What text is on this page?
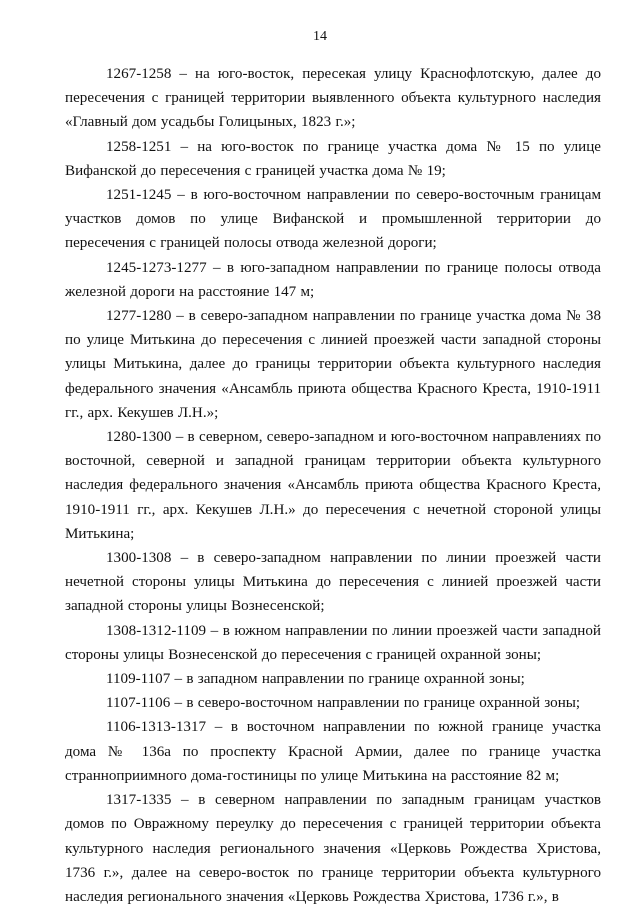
14

1267-1258 – на юго-восток, пересекая улицу Краснофлотскую, далее до пересечения с границей территории выявленного объекта культурного наследия «Главный дом усадьбы Голицыных, 1823 г.»;

1258-1251 – на юго-восток по границе участка дома № 15 по улице Вифанской до пересечения с границей участка дома № 19;

1251-1245 – в юго-восточном направлении по северо-восточным границам участков домов по улице Вифанской и промышленной территории до пересечения с границей полосы отвода железной дороги;

1245-1273-1277 – в юго-западном направлении по границе полосы отвода железной дороги на расстояние 147 м;

1277-1280 – в северо-западном направлении по границе участка дома № 38 по улице Митькина до пересечения с линией проезжей части западной стороны улицы Митькина, далее до границы территории объекта культурного наследия федерального значения «Ансамбль приюта общества Красного Креста, 1910-1911 гг., арх. Кекушев Л.Н.»;

1280-1300 – в северном, северо-западном и юго-восточном направлениях по восточной, северной и западной границам территории объекта культурного наследия федерального значения «Ансамбль приюта общества Красного Креста, 1910-1911 гг., арх. Кекушев Л.Н.» до пересечения с нечетной стороной улицы Митькина;

1300-1308 – в северо-западном направлении по линии проезжей части нечетной стороны улицы Митькина до пересечения с линией проезжей части западной стороны улицы Вознесенской;

1308-1312-1109 – в южном направлении по линии проезжей части западной стороны улицы Вознесенской до пересечения с границей охранной зоны;

1109-1107 – в западном направлении по границе охранной зоны;

1107-1106 – в северо-восточном направлении по границе охранной зоны;

1106-1313-1317 – в восточном направлении по южной границе участка дома № 136а по проспекту Красной Армии, далее по границе участка странноприимного дома-гостиницы по улице Митькина на расстояние 82 м;

1317-1335 – в северном направлении по западным границам участков домов по Овражному переулку до пересечения с границей территории объекта культурного наследия регионального значения «Церковь Рождества Христова, 1736 г.», далее на северо-восток по границе территории объекта культурного наследия регионального значения «Церковь Рождества Христова, 1736 г.», в
